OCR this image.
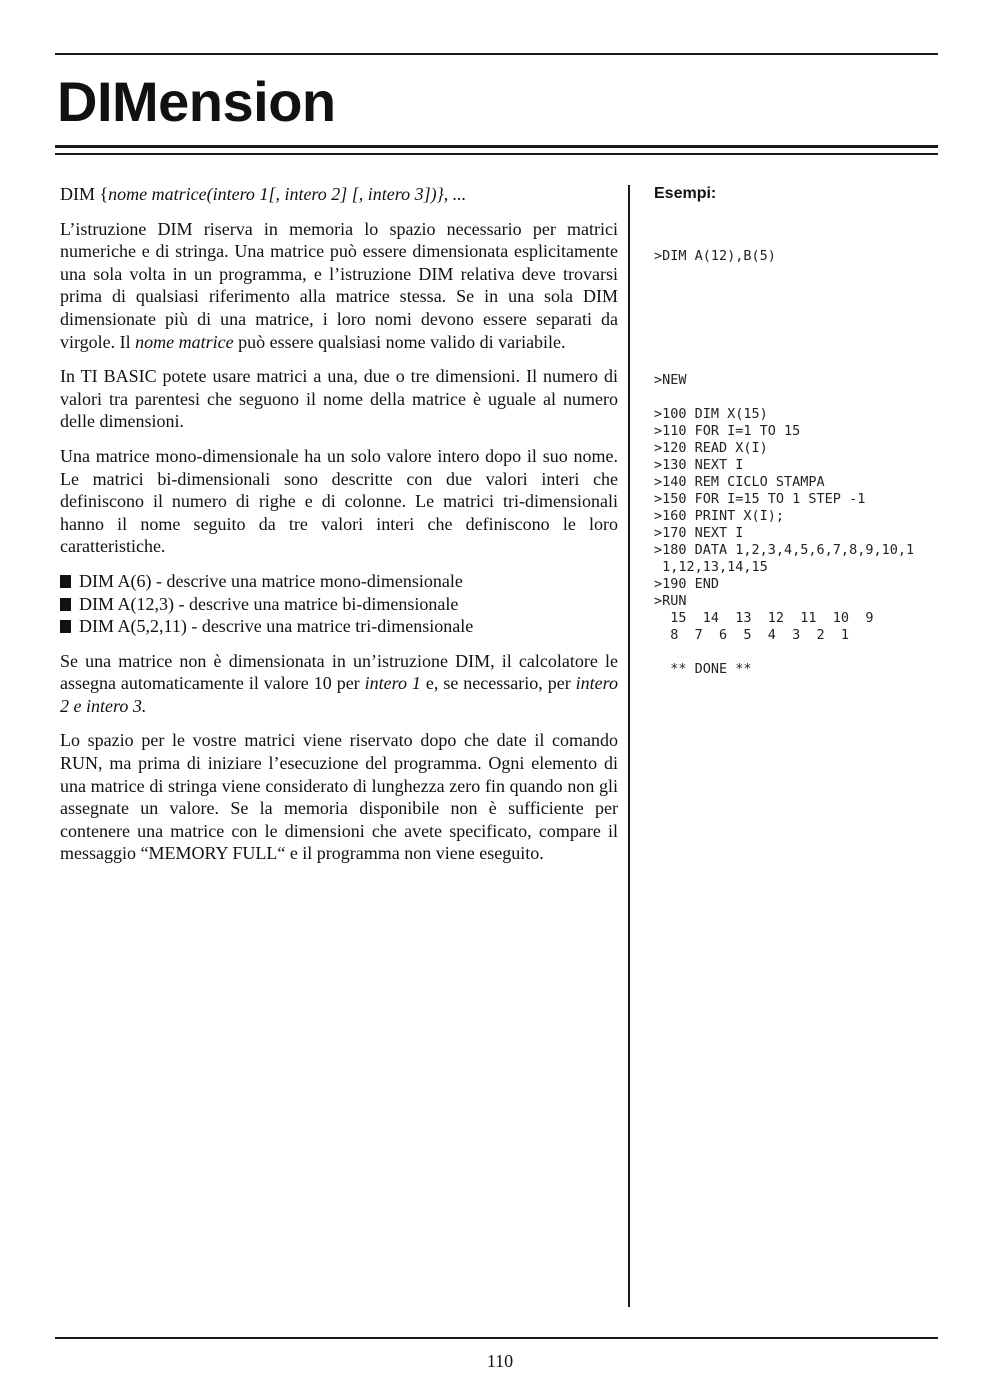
DIMension

DIM {nome matrice(intero 1[, intero 2] [, intero 3])}, ...

L’istruzione DIM riserva in memoria lo spazio necessario per matrici numeriche e di stringa. Una matrice può essere dimensionata esplicitamente una sola volta in un programma, e l’istruzione DIM relativa deve trovarsi prima di qualsiasi riferimento alla matrice stessa. Se in una sola DIM dimensionate più di una matrice, i loro nomi devono essere separati da virgole. Il nome matrice può essere qualsiasi nome valido di variabile.

In TI BASIC potete usare matrici a una, due o tre dimensioni. Il numero di valori tra parentesi che seguono il nome della matrice è uguale al numero delle dimensioni.

Una matrice mono-dimensionale ha un solo valore intero dopo il suo nome. Le matrici bi-dimensionali sono descritte con due valori interi che definiscono il numero di righe e di colonne. Le matrici tri-dimensionali hanno il nome seguito da tre valori interi che definiscono le loro caratteristiche.

DIM A(6) - descrive una matrice mono-dimensionale
DIM A(12,3) - descrive una matrice bi-dimensionale
DIM A(5,2,11) - descrive una matrice tri-dimensionale

Se una matrice non è dimensionata in un’istruzione DIM, il calcolatore le assegna automaticamente il valore 10 per intero 1 e, se necessario, per intero 2 e intero 3.

Lo spazio per le vostre matrici viene riservato dopo che date il comando RUN, ma prima di iniziare l’esecuzione del programma. Ogni elemento di una matrice di stringa viene considerato di lunghezza zero fin quando non gli assegnate un valore. Se la memoria disponibile non è sufficiente per contenere una matrice con le dimensioni che avete specificato, compare il messaggio “MEMORY FULL“ e il programma non viene eseguito.

Esempi:
>DIM A(12),B(5)
>NEW

>100 DIM X(15)
>110 FOR I=1 TO 15
>120 READ X(I)
>130 NEXT I
>140 REM CICLO STAMPA
>150 FOR I=15 TO 1 STEP -1
>160 PRINT X(I);
>170 NEXT I
>180 DATA 1,2,3,4,5,6,7,8,9,10,1
1,12,13,14,15
>190 END
>RUN
15  14  13  12  11  10  9
8  7  6  5  4  3  2  1

** DONE **
110
